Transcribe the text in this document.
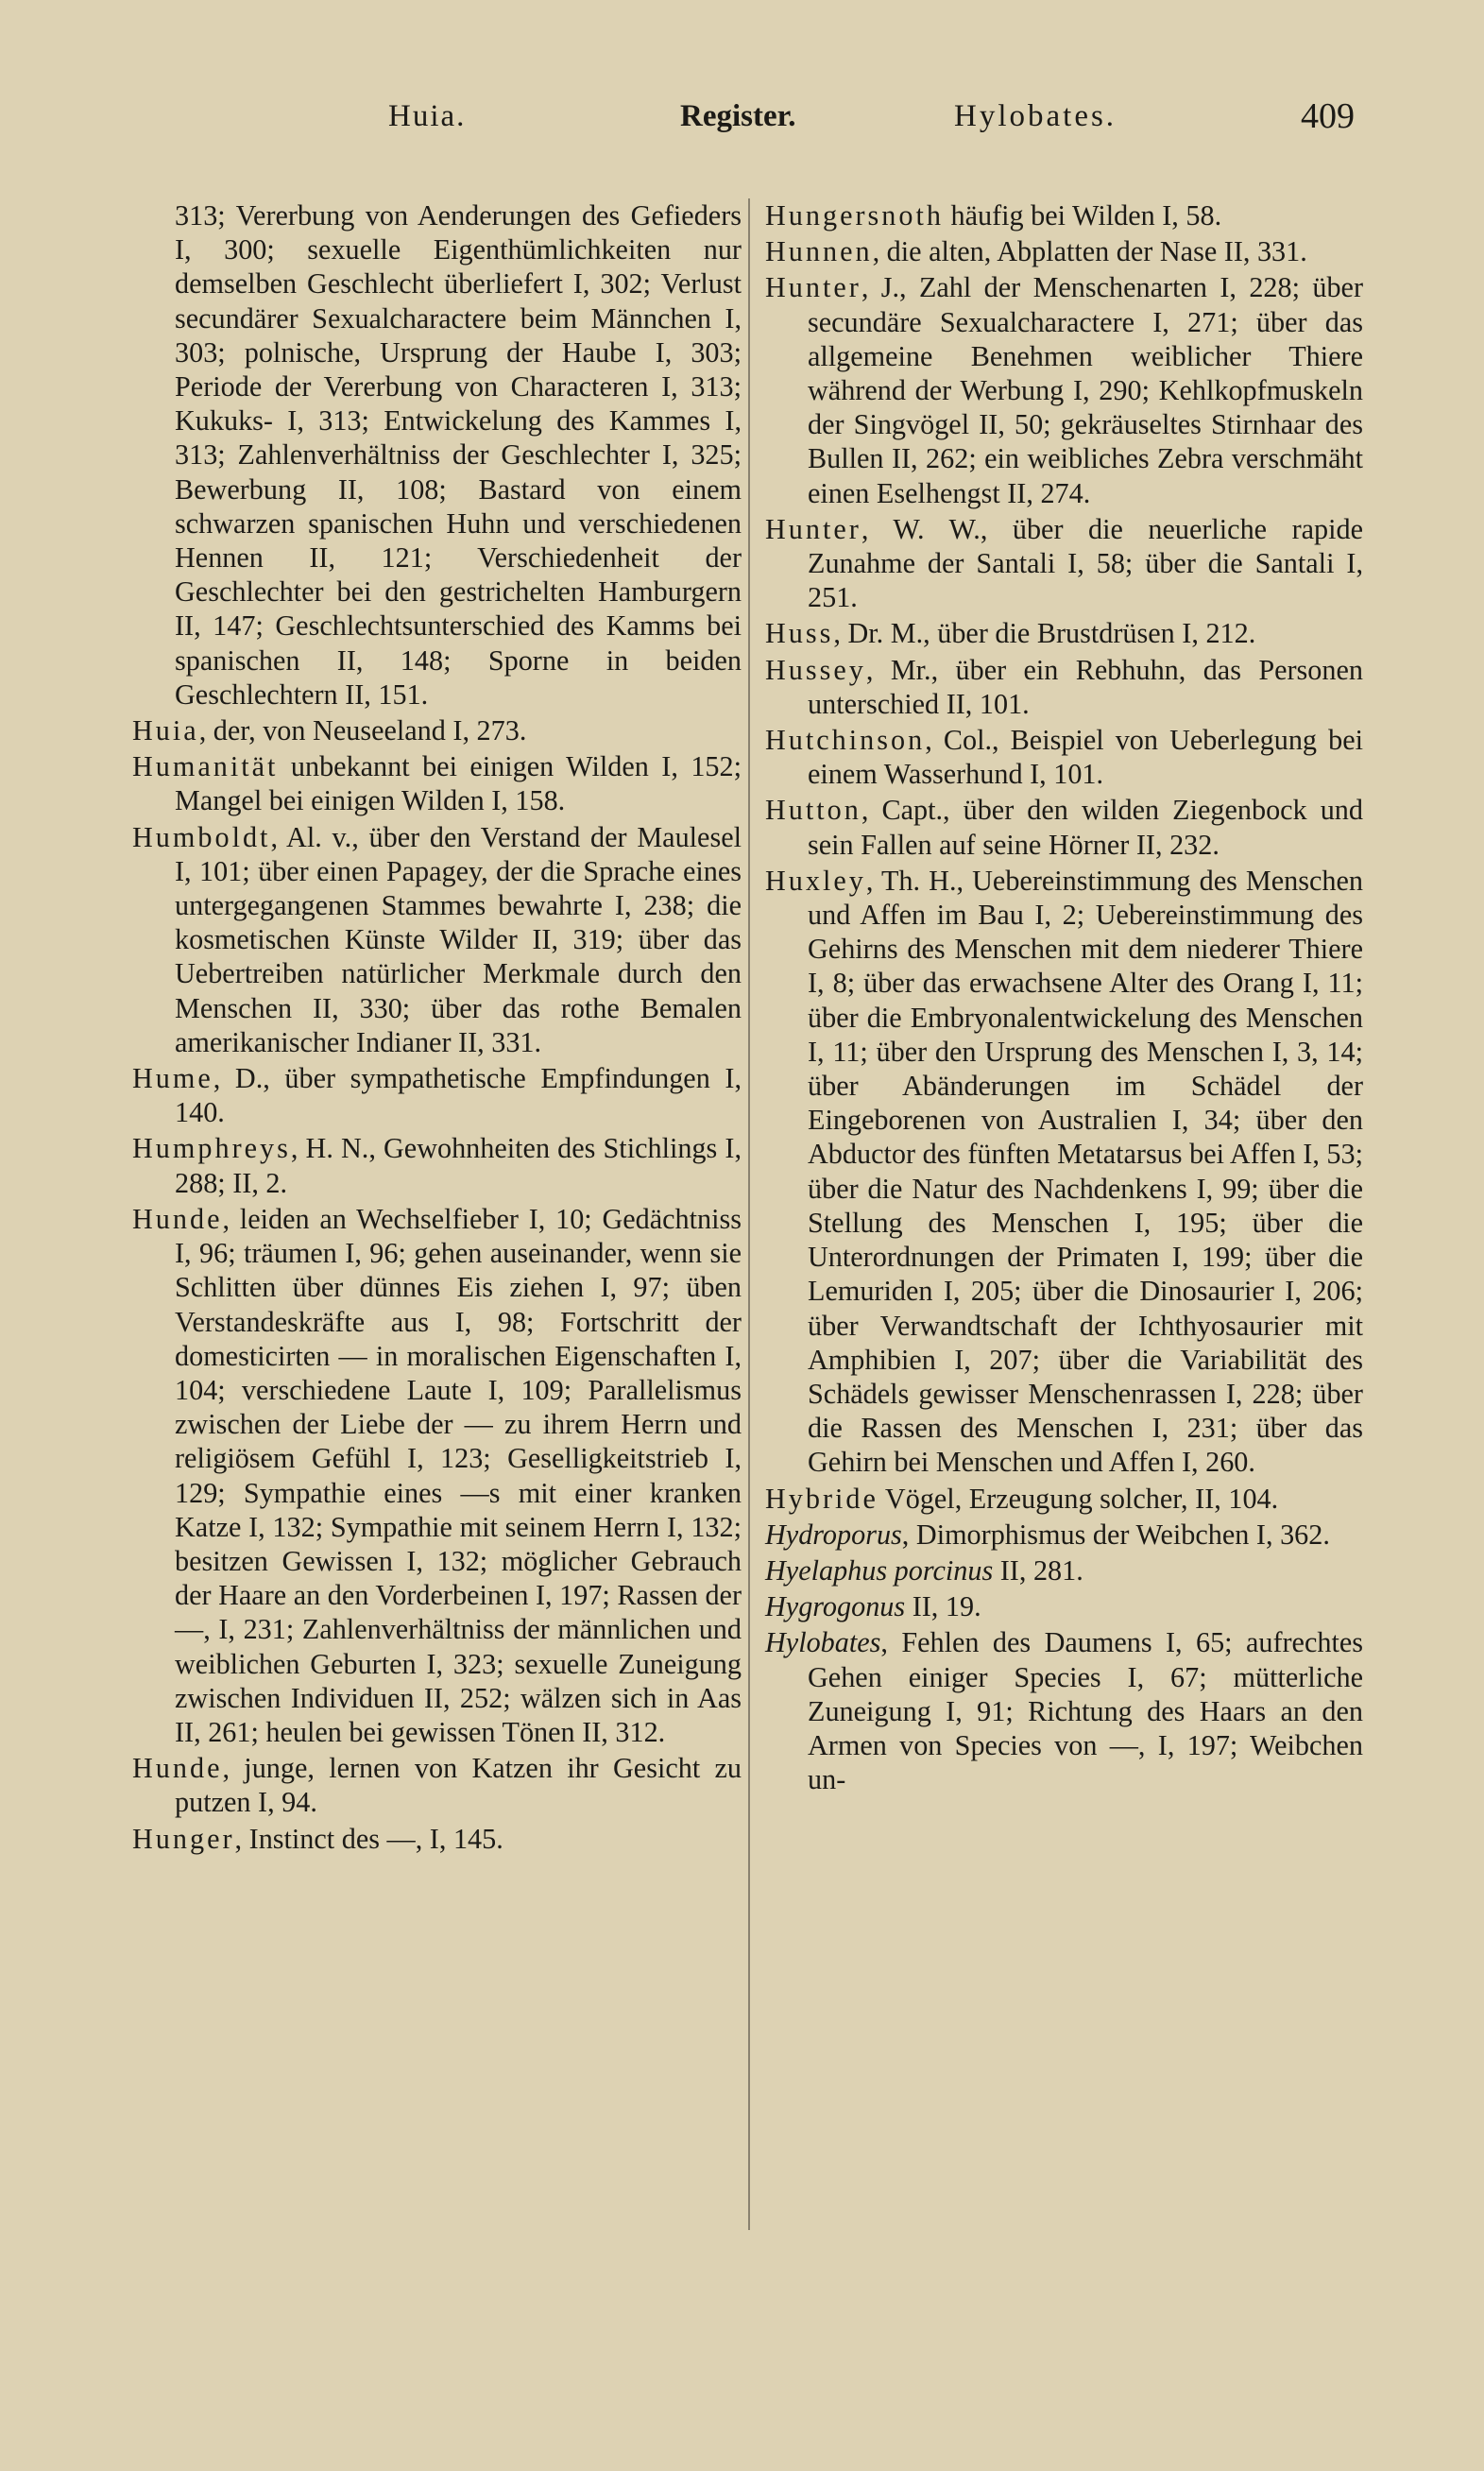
Huia.	Register.	Hylobates.	409
313; Vererbung von Aenderungen des Gefieders I, 300; sexuelle Eigenthümlichkeiten nur demselben Geschlecht überliefert I, 302; Verlust secundärer Sexualcharactere beim Männchen I, 303; polnische, Ursprung der Haube I, 303; Periode der Vererbung von Characteren I, 313; Kukuks- I, 313; Entwickelung des Kammes I, 313; Zahlenverhältniss der Geschlechter I, 325; Bewerbung II, 108; Bastard von einem schwarzen spanischen Huhn und verschiedenen Hennen II, 121; Verschiedenheit der Geschlechter bei den gestrichelten Hamburgern II, 147; Geschlechtsunterschied des Kamms bei spanischen II, 148; Sporne in beiden Geschlechtern II, 151.
Huia, der, von Neuseeland I, 273.
Humanität unbekannt bei einigen Wilden I, 152; Mangel bei einigen Wilden I, 158.
Humboldt, Al. v., über den Verstand der Maulesel I, 101; über einen Papagey, der die Sprache eines untergegangenen Stammes bewahrte I, 238; die kosmetischen Künste Wilder II, 319; über das Uebertreiben natürlicher Merkmale durch den Menschen II, 330; über das rothe Bemalen amerikanischer Indianer II, 331.
Hume, D., über sympathetische Empfindungen I, 140.
Humphreys, H. N., Gewohnheiten des Stichlings I, 288; II, 2.
Hunde, leiden an Wechselfieber I, 10; Gedächtniss I, 96; träumen I, 96; gehen auseinander, wenn sie Schlitten über dünnes Eis ziehen I, 97; üben Verstandeskräfte aus I, 98; Fortschritt der domesticirten — in moralischen Eigenschaften I, 104; verschiedene Laute I, 109; Parallelismus zwischen der Liebe der — zu ihrem Herrn und religiösem Gefühl I, 123; Geselligkeitstrieb I, 129; Sympathie eines —s mit einer kranken Katze I, 132; Sympathie mit seinem Herrn I, 132; besitzen Gewissen I, 132; möglicher Gebrauch der Haare an den Vorderbeinen I, 197; Rassen der —, I, 231; Zahlenverhältniss der männlichen und weiblichen Geburten I, 323; sexuelle Zuneigung zwischen Individuen II, 252; wälzen sich in Aas II, 261; heulen bei gewissen Tönen II, 312.
Hunde, junge, lernen von Katzen ihr Gesicht zu putzen I, 94.
Hunger, Instinct des —, I, 145.
Hungersnoth häufig bei Wilden I, 58.
Hunnen, die alten, Abplatten der Nase II, 331.
Hunter, J., Zahl der Menschenarten I, 228; über secundäre Sexualcharactere I, 271; über das allgemeine Benehmen weiblicher Thiere während der Werbung I, 290; Kehlkopfmuskeln der Singvögel II, 50; gekräuseltes Stirnhaar des Bullen II, 262; ein weibliches Zebra verschmäht einen Eselhengst II, 274.
Hunter, W. W., über die neuerliche rapide Zunahme der Santali I, 58; über die Santali I, 251.
Huss, Dr. M., über die Brustdrüsen I, 212.
Hussey, Mr., über ein Rebhuhn, das Personen unterschied II, 101.
Hutchinson, Col., Beispiel von Ueberlegung bei einem Wasserhund I, 101.
Hutton, Capt., über den wilden Ziegenbock und sein Fallen auf seine Hörner II, 232.
Huxley, Th. H., Uebereinstimmung des Menschen und Affen im Bau I, 2; Uebereinstimmung des Gehirns des Menschen mit dem niederer Thiere I, 8; über das erwachsene Alter des Orang I, 11; über die Embryonalentwickelung des Menschen I, 11; über den Ursprung des Menschen I, 3, 14; über Abänderungen im Schädel der Eingeborenen von Australien I, 34; über den Abductor des fünften Metatarsus bei Affen I, 53; über die Natur des Nachdenkens I, 99; über die Stellung des Menschen I, 195; über die Unterordnungen der Primaten I, 199; über die Lemuriden I, 205; über die Dinosaurier I, 206; über Verwandtschaft der Ichthyosaurier mit Amphibien I, 207; über die Variabilität des Schädels gewisser Menschenrassen I, 228; über die Rassen des Menschen I, 231; über das Gehirn bei Menschen und Affen I, 260.
Hybride Vögel, Erzeugung solcher, II, 104.
Hydroporus, Dimorphismus der Weibchen I, 362.
Hyelaphus porcinus II, 281.
Hygrogonus II, 19.
Hylobates, Fehlen des Daumens I, 65; aufrechtes Gehen einiger Species I, 67; mütterliche Zuneigung I, 91; Richtung des Haars an den Armen von Species von —, I, 197; Weibchen un-
